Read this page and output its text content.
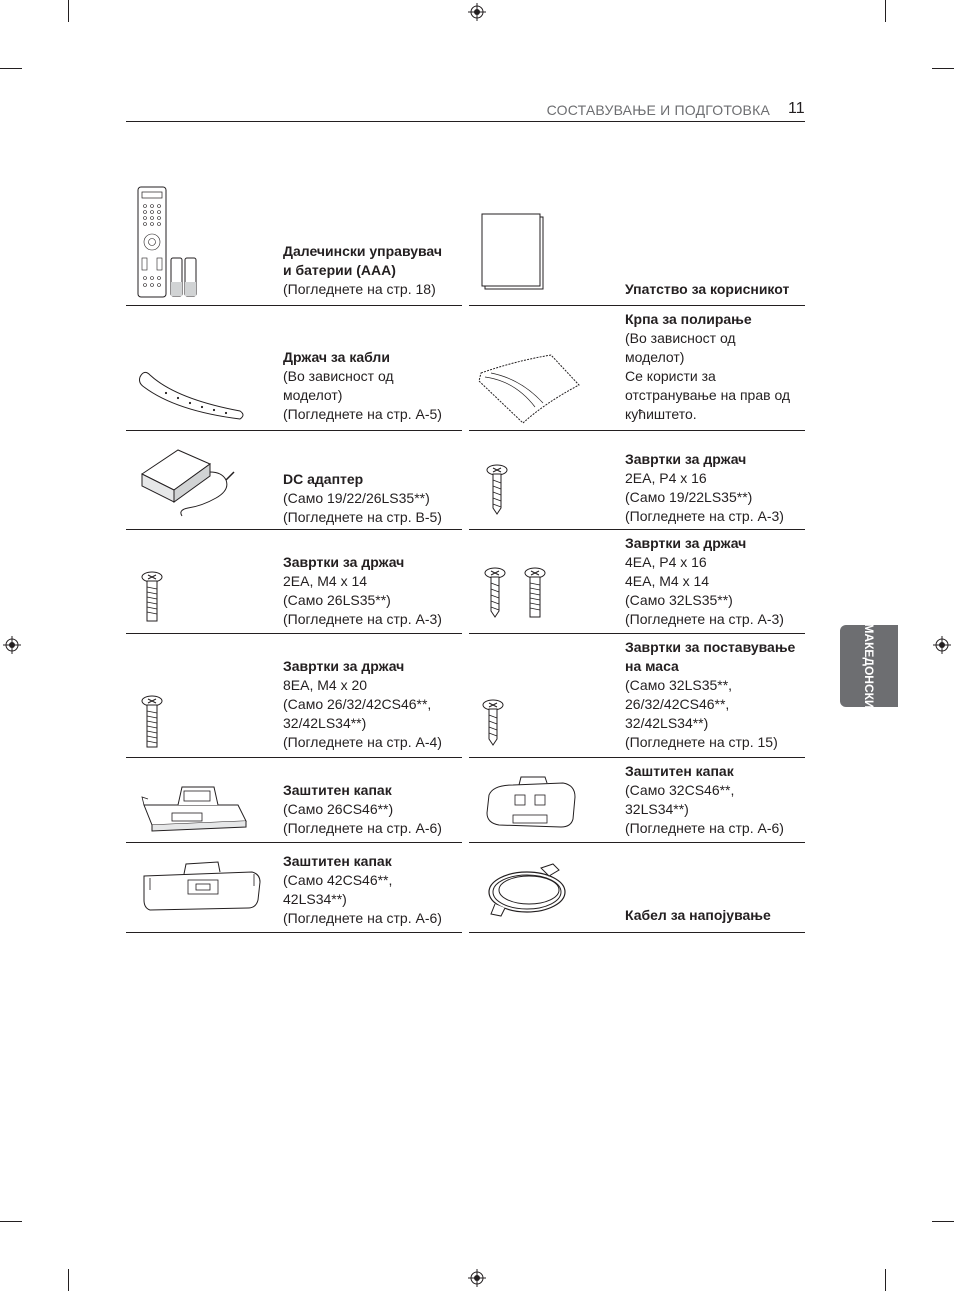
СОСТАВУВАЊЕ И ПОДГОТОВКА 11
МАКЕДОНСКИ
Далечински управувач
и батерии (AAA)
(Погледнете на стр. 18)	Упатство за корисникот
Држач за кабли
(Во зависност од
моделот)
(Погледнете на стр. A-5)
Крпа за полирање
(Во зависност од
моделот)
Се користи за
отстранување на прав од
кућиштето.
DC адаптер
(Само 19/22/26LS35**)
(Погледнете на стр. B-5)
Завртки за држач
2EA, P4 x 16
(Само 19/22LS35**)
(Погледнете на стр. A-3)
Завртки за држач
2EA, M4 x 14
(Само 26LS35**)
(Погледнете на стр. A-3)
Завртки за држач
4EA, P4 x 16
4EA, M4 x 14
(Само 32LS35**)
(Погледнете на стр. A-3)
Завртки за држач
8EA, M4 x 20
(Само 26/32/42CS46**,
32/42LS34**)
(Погледнете на стр. A-4)
Завртки за поставување
на маса
(Само 32LS35**,
26/32/42CS46**,
32/42LS34**)
(Погледнете на стр. 15)
Заштитен капак
(Само 26CS46**)
(Погледнете на стр. A-6)
Заштитен капак
(Само 32CS46**,
32LS34**)
(Погледнете на стр. A-6)
Заштитен капак
(Само 42CS46**,
42LS34**)
(Погледнете на стр. A-6)	Кабел за напојување
